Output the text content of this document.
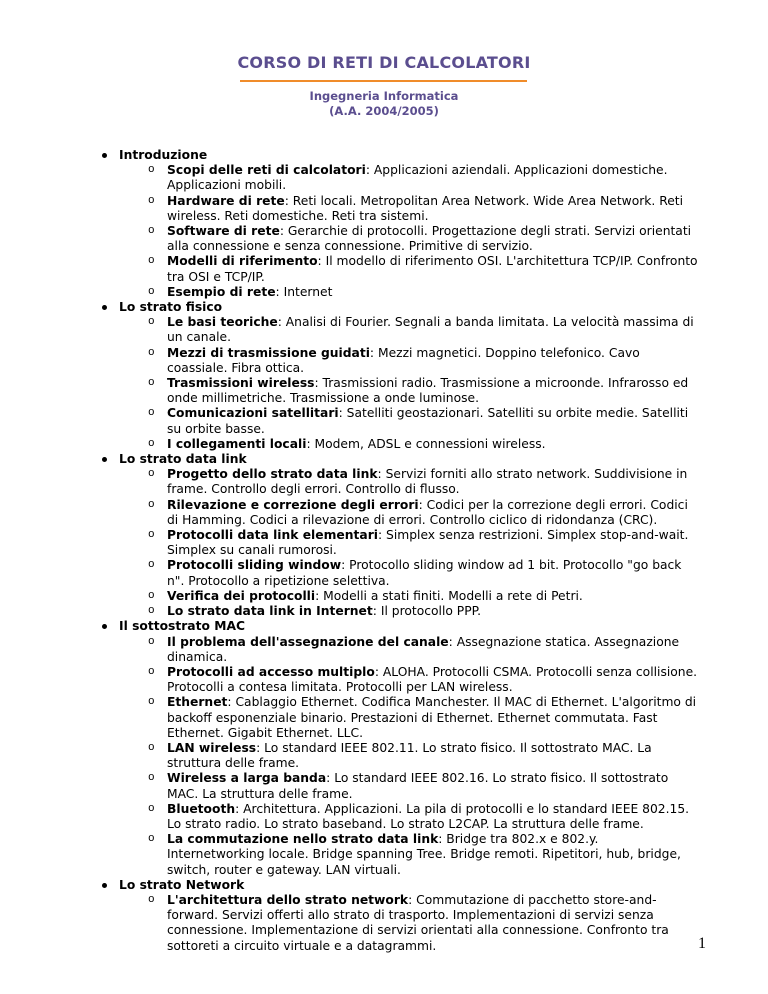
CORSO DI RETI DI CALCOLATORI
Ingegneria Informatica
(A.A. 2004/2005)
Introduzione
o Scopi delle reti di calcolatori: Applicazioni aziendali. Applicazioni domestiche. Applicazioni mobili.
o Hardware di rete: Reti locali. Metropolitan Area Network. Wide Area Network. Reti wireless. Reti domestiche. Reti tra sistemi.
o Software di rete: Gerarchie di protocolli. Progettazione degli strati. Servizi orientati alla connessione e senza connessione. Primitive di servizio.
o Modelli di riferimento: Il modello di riferimento OSI. L'architettura TCP/IP. Confronto tra OSI e TCP/IP.
o Esempio di rete: Internet
Lo strato fisico
o Le basi teoriche: Analisi di Fourier. Segnali a banda limitata. La velocità massima di un canale.
o Mezzi di trasmissione guidati: Mezzi magnetici. Doppino telefonico. Cavo coassiale. Fibra ottica.
o Trasmissioni wireless: Trasmissioni radio. Trasmissione a microonde. Infrarosso ed onde millimetriche. Trasmissione a onde luminose.
o Comunicazioni satellitari: Satelliti geostazionari. Satelliti su orbite medie. Satelliti su orbite basse.
o I collegamenti locali: Modem, ADSL e connessioni wireless.
Lo strato data link
o Progetto dello strato data link: Servizi forniti allo strato network. Suddivisione in frame. Controllo degli errori. Controllo di flusso.
o Rilevazione e correzione degli errori: Codici per la correzione degli errori. Codici di Hamming. Codici a rilevazione di errori. Controllo ciclico di ridondanza (CRC).
o Protocolli data link elementari: Simplex senza restrizioni. Simplex stop-and-wait. Simplex su canali rumorosi.
o Protocolli sliding window: Protocollo sliding window ad 1 bit. Protocollo "go back n". Protocollo a ripetizione selettiva.
o Verifica dei protocolli: Modelli a stati finiti. Modelli a rete di Petri.
o Lo strato data link in Internet: Il protocollo PPP.
Il sottostrato MAC
o Il problema dell'assegnazione del canale: Assegnazione statica. Assegnazione dinamica.
o Protocolli ad accesso multiplo: ALOHA. Protocolli CSMA. Protocolli senza collisione. Protocolli a contesa limitata. Protocolli per LAN wireless.
o Ethernet: Cablaggio Ethernet. Codifica Manchester. Il MAC di Ethernet. L'algoritmo di backoff esponenziale binario. Prestazioni di Ethernet. Ethernet commutata. Fast Ethernet. Gigabit Ethernet. LLC.
o LAN wireless: Lo standard IEEE 802.11. Lo strato fisico. Il sottostrato MAC. La struttura delle frame.
o Wireless a larga banda: Lo standard IEEE 802.16. Lo strato fisico. Il sottostrato MAC. La struttura delle frame.
o Bluetooth: Architettura. Applicazioni. La pila di protocolli e lo standard IEEE 802.15. Lo strato radio. Lo strato baseband. Lo strato L2CAP. La struttura delle frame.
o La commutazione nello strato data link: Bridge tra 802.x e 802.y. Internetworking locale. Bridge spanning Tree. Bridge remoti. Ripetitori, hub, bridge, switch, router e gateway. LAN virtuali.
Lo strato Network
o L'architettura dello strato network: Commutazione di pacchetto store-and-forward. Servizi offerti allo strato di trasporto. Implementazioni di servizi senza connessione. Implementazione di servizi orientati alla connessione. Confronto tra sottoreti a circuito virtuale e a datagrammi.	1
